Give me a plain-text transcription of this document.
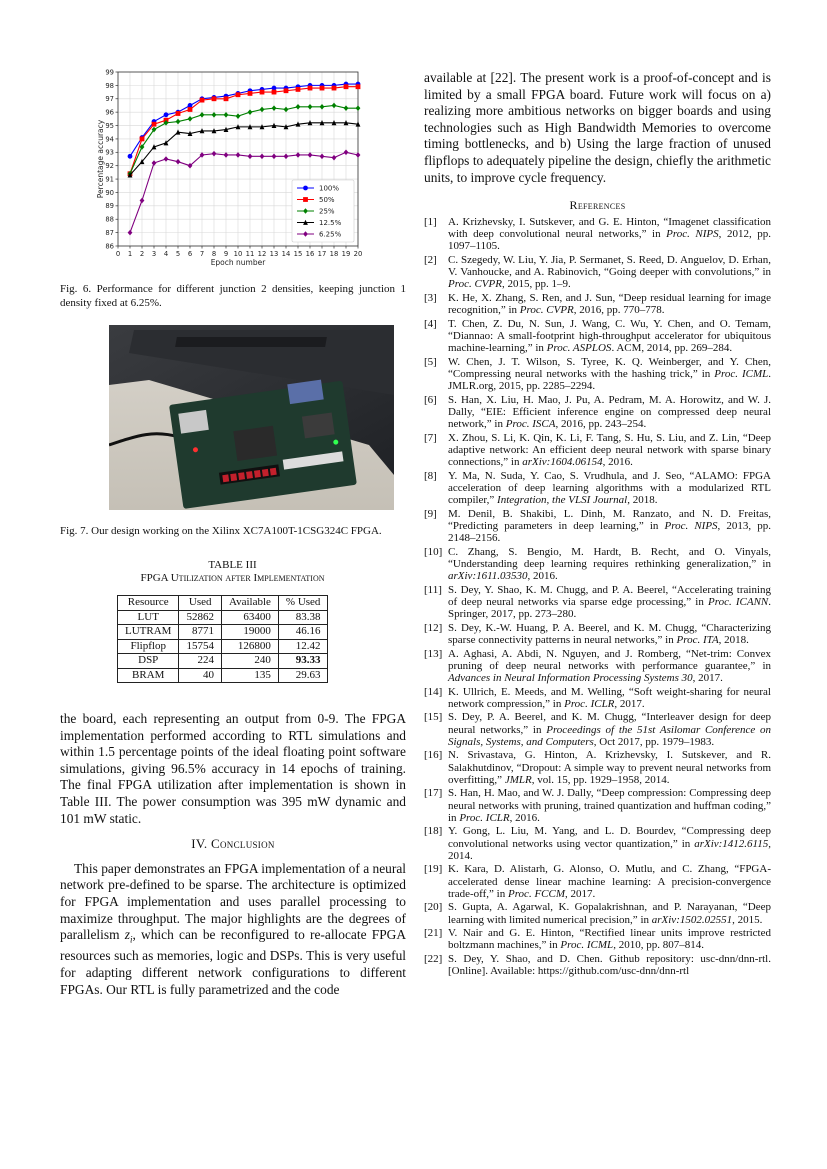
0 1 2 3 4 5 6 7 8 9 10 11 12 13 14 15 16 17 18 19 20
86
87
88
89
90
91
92
93
94
95
96
97
98
99
Epoch number
Percentage accuracy	100%
50%
25%
12.5%
6.25%
Fig. 6. Performance for different junction 2 densities, keeping junction 1 density fixed at 6.25%.
Fig. 7. Our design working on the Xilinx XC7A100T-1CSG324C FPGA.
TABLE III
FPGA Utilization after Implementation
Resource	Used	Available	% Used
LUT	52862	63400	83.38
LUTRAM	8771	19000	46.16
Flipflop	15754	126800	12.42
DSP	224	240	93.33
BRAM	40	135	29.63

the board, each representing an output from 0-9. The FPGA implementation performed according to RTL simulations and within 1.5 percentage points of the ideal floating point software simulations, giving 96.5% accuracy in 14 epochs of training. The final FPGA utilization after implementation is shown in Table III. The power consumption was 395 mW dynamic and 101 mW static.

IV. Conclusion

This paper demonstrates an FPGA implementation of a neural network pre-defined to be sparse. The architecture is optimized for FPGA implementation and uses parallel processing to maximize throughput. The major highlights are the degrees of parallelism $z_i$, which can be reconfigured to re-allocate FPGA resources such as memories, logic and DSPs. This is very useful for adapting different network configurations to different FPGAs. Our RTL is fully parametrized and the code

available at [22]. The present work is a proof-of-concept and is limited by a small FPGA board. Future work will focus on a) realizing more ambitious networks on bigger boards and using technologies such as High Bandwidth Memories to overcome timing bottlenecks, and b) Using the large fraction of unused flipflops to adequately pipeline the design, chiefly the arithmetic units, to improve cycle frequency.

References
[1] A. Krizhevsky, I. Sutskever, and G. E. Hinton, “Imagenet classification with deep convolutional neural networks,” in Proc. NIPS, 2012, pp. 1097–1105.
[2] C. Szegedy, W. Liu, Y. Jia, P. Sermanet, S. Reed, D. Anguelov, D. Erhan, V. Vanhoucke, and A. Rabinovich, “Going deeper with convolutions,” in Proc. CVPR, 2015, pp. 1–9.
[3] K. He, X. Zhang, S. Ren, and J. Sun, “Deep residual learning for image recognition,” in Proc. CVPR, 2016, pp. 770–778.
[4] T. Chen, Z. Du, N. Sun, J. Wang, C. Wu, Y. Chen, and O. Temam, “Diannao: A small-footprint high-throughput accelerator for ubiquitous machine-learning,” in Proc. ASPLOS. ACM, 2014, pp. 269–284.
[5] W. Chen, J. T. Wilson, S. Tyree, K. Q. Weinberger, and Y. Chen, “Compressing neural networks with the hashing trick,” in Proc. ICML. JMLR.org, 2015, pp. 2285–2294.
[6] S. Han, X. Liu, H. Mao, J. Pu, A. Pedram, M. A. Horowitz, and W. J. Dally, “EIE: Efficient inference engine on compressed deep neural network,” in Proc. ISCA, 2016, pp. 243–254.
[7] X. Zhou, S. Li, K. Qin, K. Li, F. Tang, S. Hu, S. Liu, and Z. Lin, “Deep adaptive network: An efficient deep neural network with sparse binary connections,” in arXiv:1604.06154, 2016.
[8] Y. Ma, N. Suda, Y. Cao, S. Vrudhula, and J. Seo, “ALAMO: FPGA acceleration of deep learning algorithms with a modularized RTL compiler,” Integration, the VLSI Journal, 2018.
[9] M. Denil, B. Shakibi, L. Dinh, M. Ranzato, and N. D. Freitas, “Predicting parameters in deep learning,” in Proc. NIPS, 2013, pp. 2148–2156.
[10] C. Zhang, S. Bengio, M. Hardt, B. Recht, and O. Vinyals, “Understanding deep learning requires rethinking generalization,” in arXiv:1611.03530, 2016.
[11] S. Dey, Y. Shao, K. M. Chugg, and P. A. Beerel, “Accelerating training of deep neural networks via sparse edge processing,” in Proc. ICANN. Springer, 2017, pp. 273–280.
[12] S. Dey, K.-W. Huang, P. A. Beerel, and K. M. Chugg, “Characterizing sparse connectivity patterns in neural networks,” in Proc. ITA, 2018.
[13] A. Aghasi, A. Abdi, N. Nguyen, and J. Romberg, “Net-trim: Convex pruning of deep neural networks with performance guarantee,” in Advances in Neural Information Processing Systems 30, 2017.
[14] K. Ullrich, E. Meeds, and M. Welling, “Soft weight-sharing for neural network compression,” in Proc. ICLR, 2017.
[15] S. Dey, P. A. Beerel, and K. M. Chugg, “Interleaver design for deep neural networks,” in Proceedings of the 51st Asilomar Conference on Signals, Systems, and Computers, Oct 2017, pp. 1979–1983.
[16] N. Srivastava, G. Hinton, A. Krizhevsky, I. Sutskever, and R. Salakhutdinov, “Dropout: A simple way to prevent neural networks from overfitting,” JMLR, vol. 15, pp. 1929–1958, 2014.
[17] S. Han, H. Mao, and W. J. Dally, “Deep compression: Compressing deep neural networks with pruning, trained quantization and huffman coding,” in Proc. ICLR, 2016.
[18] Y. Gong, L. Liu, M. Yang, and L. D. Bourdev, “Compressing deep convolutional networks using vector quantization,” in arXiv:1412.6115, 2014.
[19] K. Kara, D. Alistarh, G. Alonso, O. Mutlu, and C. Zhang, “FPGA-accelerated dense linear machine learning: A precision-convergence trade-off,” in Proc. FCCM, 2017.
[20] S. Gupta, A. Agarwal, K. Gopalakrishnan, and P. Narayanan, “Deep learning with limited numerical precision,” in arXiv:1502.02551, 2015.
[21] V. Nair and G. E. Hinton, “Rectified linear units improve restricted boltzmann machines,” in Proc. ICML, 2010, pp. 807–814.
[22] S. Dey, Y. Shao, and D. Chen. Github repository: usc-dnn/dnn-rtl. [Online]. Available: https://github.com/usc-dnn/dnn-rtl
